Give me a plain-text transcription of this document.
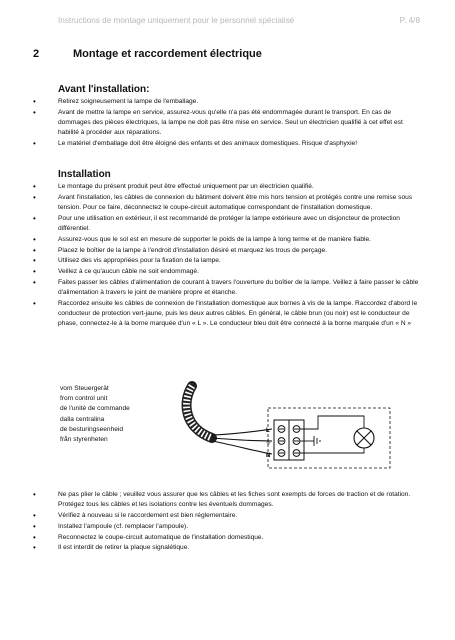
Instructions de montage uniquement pour le personnel spécialisé	P. 4/8
2	Montage et raccordement électrique
Avant l'installation:
• Retirez soigneusement la lampe de l'emballage.
• Avant de mettre la lampe en service, assurez-vous qu'elle n'a pas été endommagée durant le transport. En cas de dommages des pièces électriques, la lampe ne doit pas être mise en service. Seul un électricien qualifié à cet effet est habilité à procéder aux réparations.
• Le matériel d'emballage doit être éloigné des enfants et des animaux domestiques. Risque d'asphyxie!
Installation
• Le montage du présent produit peut être effectué uniquement par un électricien qualifié.
• Avant l'installation, les câbles de connexion du bâtiment doivent être mis hors tension et protégés contre une remise sous tension. Pour ce faire, déconnectez le coupe-circuit automatique correspondant de l'installation domestique.
• Pour une utilisation en extérieur, il est recommandé de protéger la lampe extérieure avec un disjoncteur de protection différentiel.
• Assurez-vous que le sol est en mesure de supporter le poids de la lampe à long terme et de manière fiable.
• Placez le boîtier de la lampe à l'endroit d'installation désiré et marquez les trous de perçage.
• Utilisez des vis appropriées pour la fixation de la lampe.
• Veillez à ce qu'aucun câble ne soit endommagé.
• Faites passer les câbles d'alimentation de courant à travers l'ouverture du boîtier de la lampe. Veillez à faire passer le câble d'alimentation à travers le joint de manière propre et étanche.
• Raccordez ensuite les câbles de connexion de l'installation domestique aux bornes à vis de la lampe. Raccordez d'abord le conducteur de protection vert-jaune, puis les deux autres câbles. En général, le câble brun (ou noir) est le conducteur de phase, connectez-le à la borne marquée d'un « L ». Le conducteur bleu doit être connecté à la borne marquée d'un « N »
vom Steuergerät
from control unit
de l'unité de commande
dalla centralina
de besturingseenheid
från styrenheten
L
⏚
N
• Ne pas plier le câble ; veuillez vous assurer que les câbles et les fiches sont exempts de forces de traction et de rotation. Protégez tous les câbles et les isolations contre les éventuels dommages.
• Vérifiez à nouveau si le raccordement est bien réglementaire.
• Installez l'ampoule (cf. remplacer l'ampoule).
• Reconnectez le coupe-circuit automatique de l'installation domestique.
• Il est interdit de retirer la plaque signalétique.
